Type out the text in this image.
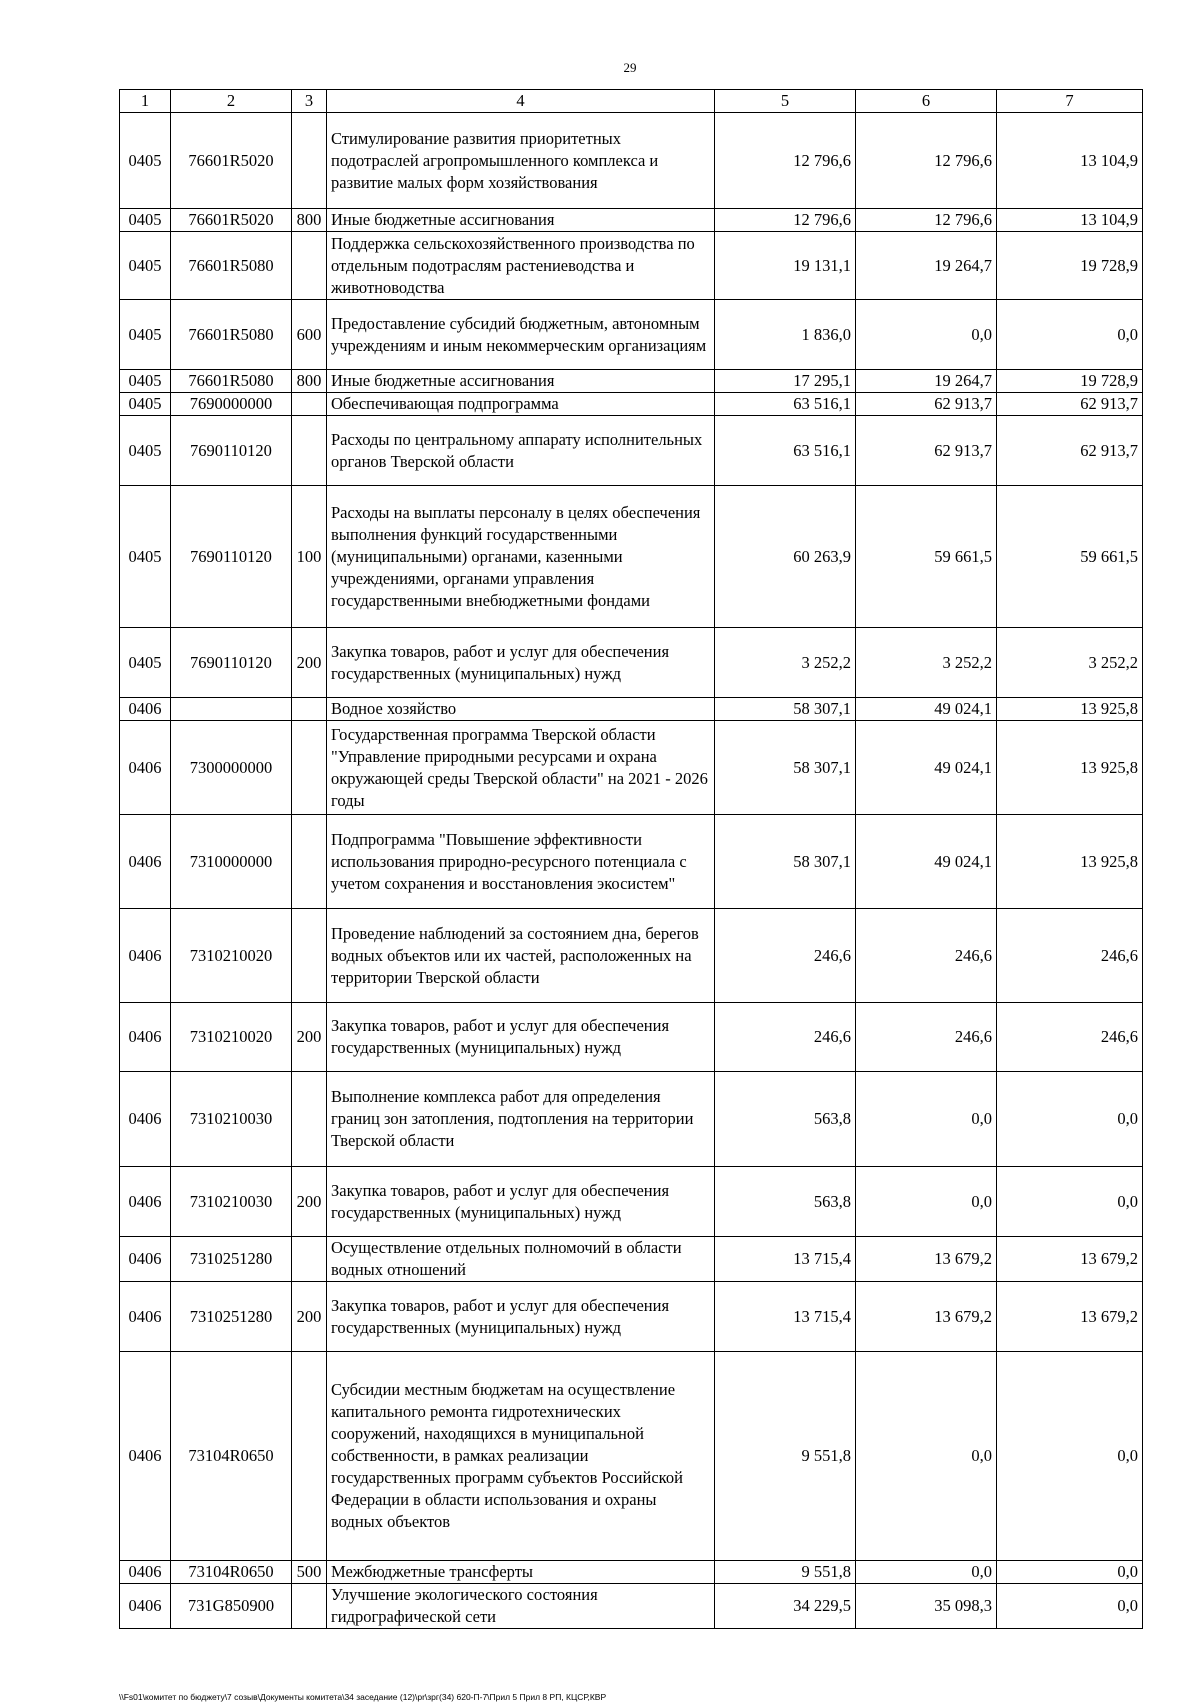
29
1	2	3	4	5	6	7
0405	76601R5020		Стимулирование развития приоритетных подотраслей агропромышленного комплекса и развитие малых форм хозяйствования	12 796,6	12 796,6	13 104,9
0405	76601R5020	800	Иные бюджетные ассигнования	12 796,6	12 796,6	13 104,9
0405	76601R5080		Поддержка сельскохозяйственного производства по отдельным подотраслям растениеводства и животноводства	19 131,1	19 264,7	19 728,9
0405	76601R5080	600	Предоставление субсидий бюджетным, автономным учреждениям и иным некоммерческим организациям	1 836,0	0,0	0,0
0405	76601R5080	800	Иные бюджетные ассигнования	17 295,1	19 264,7	19 728,9
0405	7690000000		Обеспечивающая подпрограмма	63 516,1	62 913,7	62 913,7
0405	7690110120		Расходы по центральному аппарату исполнительных органов Тверской области	63 516,1	62 913,7	62 913,7
0405	7690110120	100	Расходы на выплаты персоналу в целях обеспечения выполнения функций государственными (муниципальными) органами, казенными учреждениями, органами управления государственными внебюджетными фондами	60 263,9	59 661,5	59 661,5
0405	7690110120	200	Закупка товаров, работ и услуг для обеспечения государственных (муниципальных) нужд	3 252,2	3 252,2	3 252,2
0406			Водное хозяйство	58 307,1	49 024,1	13 925,8
0406	7300000000		Государственная программа Тверской области "Управление природными ресурсами и охрана окружающей среды Тверской области" на 2021 - 2026 годы	58 307,1	49 024,1	13 925,8
0406	7310000000		Подпрограмма "Повышение эффективности использования природно-ресурсного потенциала с учетом сохранения и восстановления экосистем"	58 307,1	49 024,1	13 925,8
0406	7310210020		Проведение наблюдений за состоянием дна, берегов водных объектов или их частей, расположенных на территории Тверской области	246,6	246,6	246,6
0406	7310210020	200	Закупка товаров, работ и услуг для обеспечения государственных (муниципальных) нужд	246,6	246,6	246,6
0406	7310210030		Выполнение комплекса работ для определения границ зон затопления, подтопления на территории Тверской области	563,8	0,0	0,0
0406	7310210030	200	Закупка товаров, работ и услуг для обеспечения государственных (муниципальных) нужд	563,8	0,0	0,0
0406	7310251280		Осуществление отдельных полномочий в области водных отношений	13 715,4	13 679,2	13 679,2
0406	7310251280	200	Закупка товаров, работ и услуг для обеспечения государственных (муниципальных) нужд	13 715,4	13 679,2	13 679,2
0406	73104R0650		Субсидии местным бюджетам на осуществление капитального ремонта гидротехнических сооружений, находящихся в муниципальной собственности, в рамках реализации государственных программ субъектов Российской Федерации в области использования и охраны водных объектов	9 551,8	0,0	0,0
0406	73104R0650	500	Межбюджетные трансферты	9 551,8	0,0	0,0
0406	731G850900		Улучшение экологического состояния гидрографической сети	34 229,5	35 098,3	0,0
\\Fs01\комитет по бюджету\7 созыв\Документы комитета\34 заседание (12)\pr\зрг(34) 620-П-7\Прил 5 Прил 8 РП, КЦСР,КВР
